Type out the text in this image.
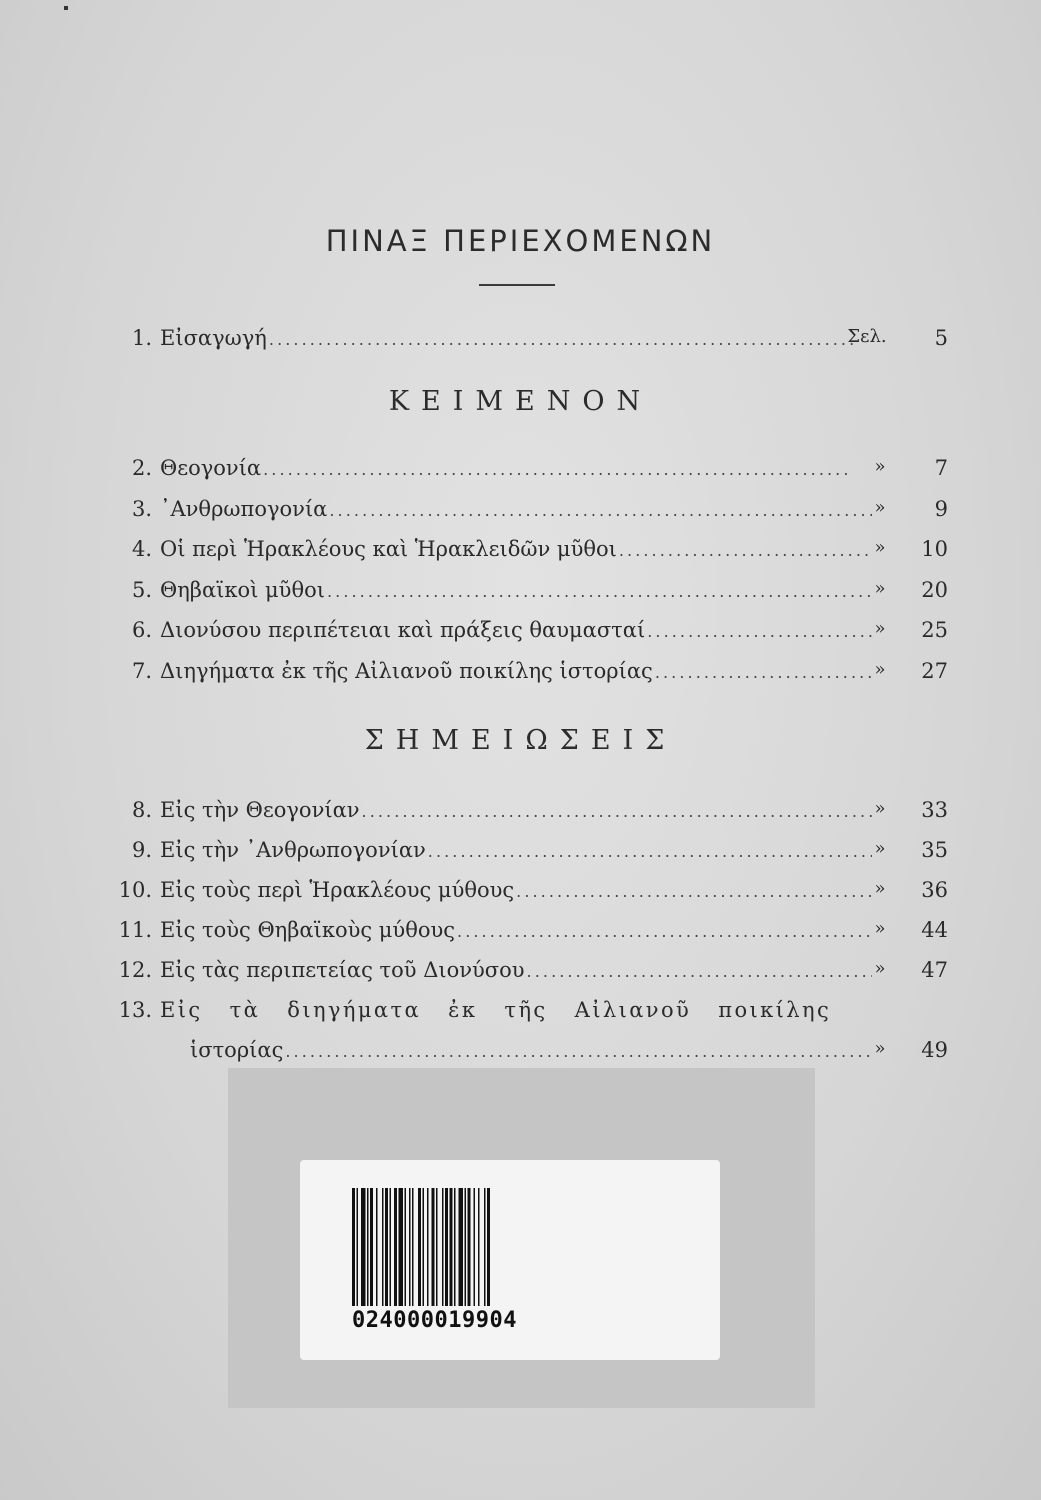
ΠΙΝΑΞ ΠΕΡΙΕΧΟΜΕΝΩΝ
1. Εἰσαγωγή . . .	Σελ.	5
ΚΕΙΜΕΝΟΝ
2. Θεογονία . . .	»	7
3. ᾿Ανθρωπογονία . . .	»	9
4. Οἱ περὶ Ἡρακλέους καὶ Ἡρακλειδῶν μῦθοι . . .	»	10
5. Θηβαϊκοὶ μῦθοι . . .	»	20
6. Διονύσου περιπέτειαι καὶ πράξεις θαυμασταί . . .	»	25
7. Διηγήματα ἐκ τῆς Αἰλιανοῦ ποικίλης ἱστορίας . . .	»	27
ΣΗΜΕΙΩΣΕΙΣ
8. Εἰς τὴν Θεογονίαν . . .	»	33
9. Εἰς τὴν ᾿Ανθρωπογονίαν . . .	»	35
10. Εἰς τοὺς περὶ Ἡρακλέους μύθους . . .	»	36
11. Εἰς τοὺς Θηβαϊκοὺς μύθους . . .	»	44
12. Εἰς τὰς περιπετείας τοῦ Διονύσου . . .	»	47
13. Εἰς τὰ διηγήματα ἐκ τῆς Αἰλιανοῦ ποικίλης
ἱστορίας . . .	»	49
024000019904
